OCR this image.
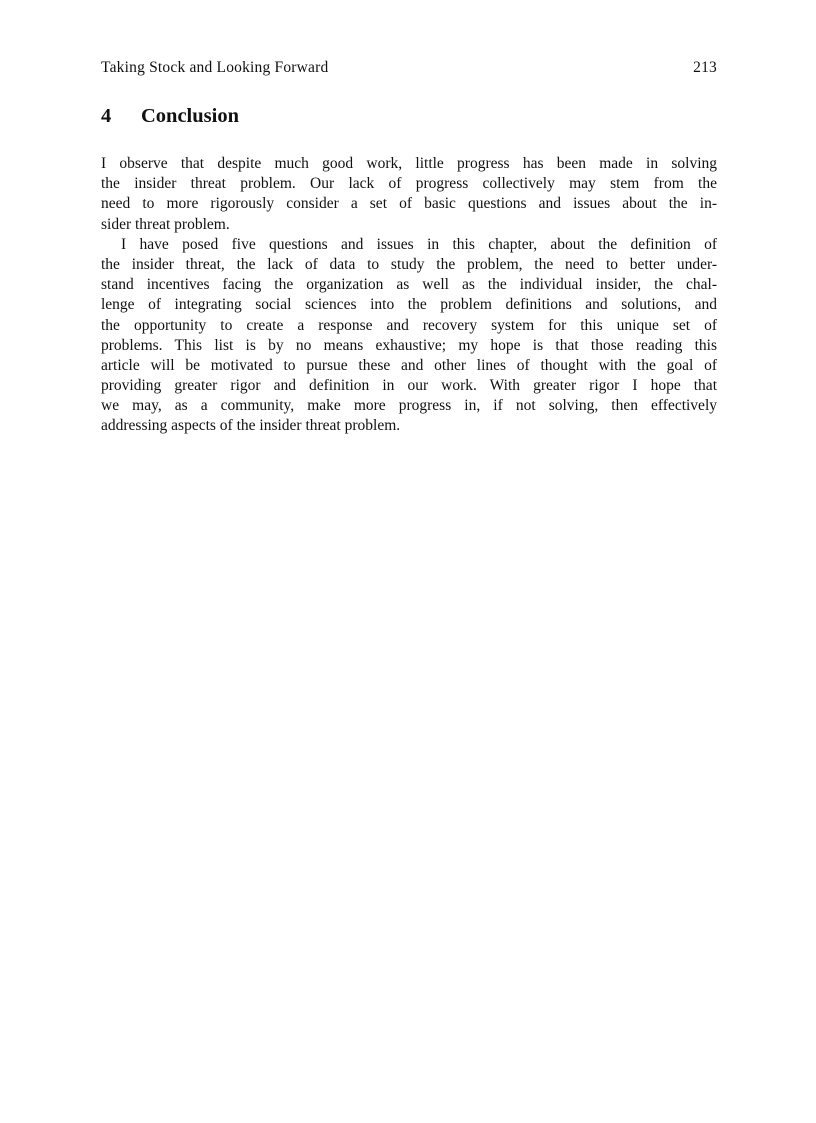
Taking Stock and Looking Forward	213
4 Conclusion
I observe that despite much good work, little progress has been made in solving
the insider threat problem. Our lack of progress collectively may stem from the
need to more rigorously consider a set of basic questions and issues about the in-
sider threat problem.
I have posed five questions and issues in this chapter, about the definition of
the insider threat, the lack of data to study the problem, the need to better under-
stand incentives facing the organization as well as the individual insider, the chal-
lenge of integrating social sciences into the problem definitions and solutions, and
the opportunity to create a response and recovery system for this unique set of
problems. This list is by no means exhaustive; my hope is that those reading this
article will be motivated to pursue these and other lines of thought with the goal of
providing greater rigor and definition in our work. With greater rigor I hope that
we may, as a community, make more progress in, if not solving, then effectively
addressing aspects of the insider threat problem.
